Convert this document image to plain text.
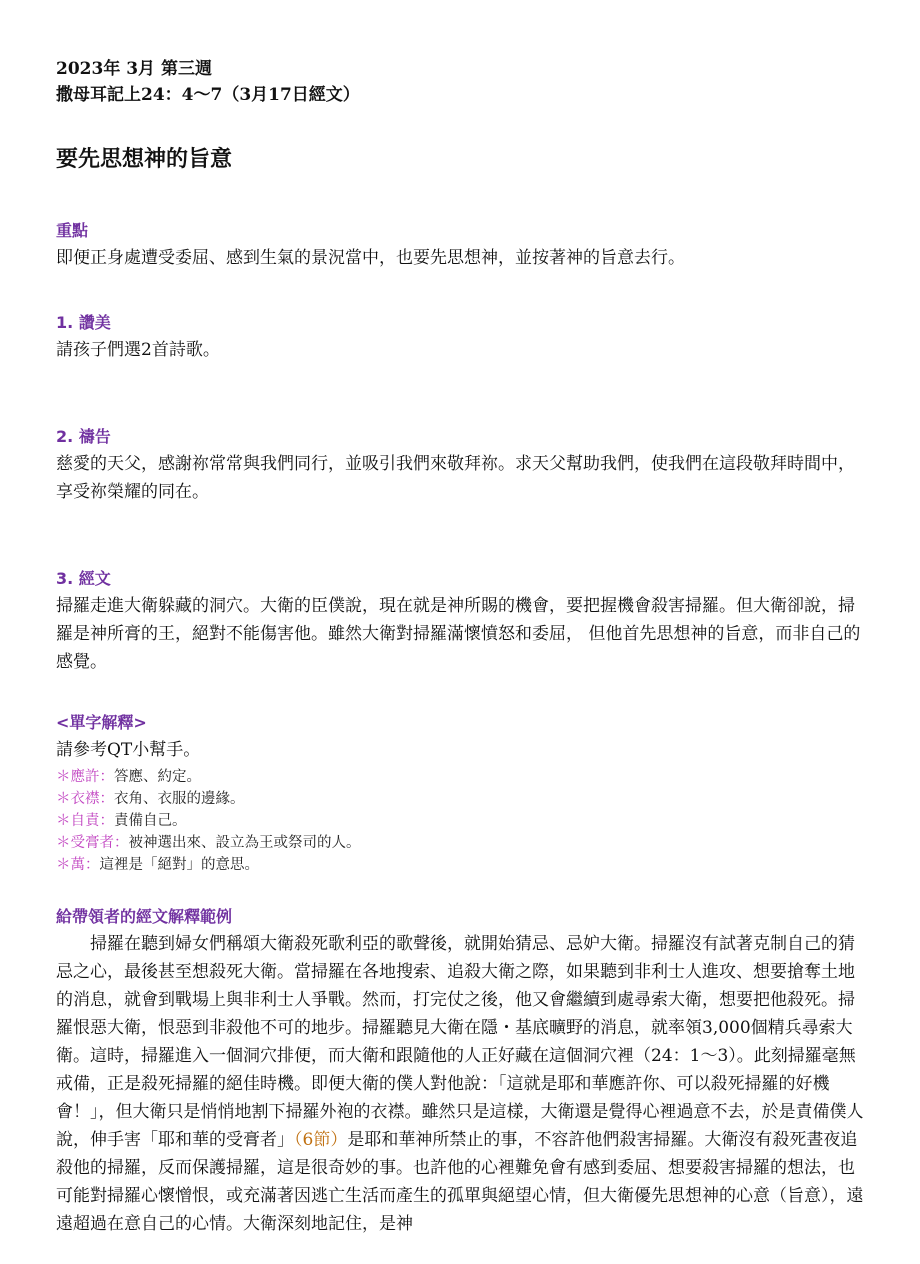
2023年 3月 第三週
撒母耳記上24：4～7（3月17日經文）
要先思想神的旨意
重點
即便正身處遭受委屈、感到生氣的景況當中，也要先思想神，並按著神的旨意去行。
1. 讚美
請孩子們選2首詩歌。
2. 禱告
慈愛的天父，感謝祢常常與我們同行，並吸引我們來敬拜祢。求天父幫助我們，使我們在這段敬拜時間中，享受祢榮耀的同在。
3. 經文
掃羅走進大衛躲藏的洞穴。大衛的臣僕說，現在就是神所賜的機會，要把握機會殺害掃羅。但大衛卻說，掃羅是神所膏的王，絕對不能傷害他。雖然大衛對掃羅滿懷憤怒和委屈， 但他首先思想神的旨意，而非自己的感覺。
<單字解釋>
請參考QT小幫手。
＊應許：答應、約定。
＊衣襟：衣角、衣服的邊緣。
＊自責：責備自己。
＊受膏者：被神選出來、設立為王或祭司的人。
＊萬：這裡是「絕對」的意思。
給帶領者的經文解釋範例
掃羅在聽到婦女們稱頌大衛殺死歌利亞的歌聲後，就開始猜忌、忌妒大衛。掃羅沒有試著克制自己的猜忌之心，最後甚至想殺死大衛。當掃羅在各地搜索、追殺大衛之際，如果聽到非利士人進攻、想要搶奪土地的消息，就會到戰場上與非利士人爭戰。然而，打完仗之後，他又會繼續到處尋索大衛，想要把他殺死。掃羅恨惡大衛，恨惡到非殺他不可的地步。掃羅聽見大衛在隱・基底曠野的消息，就率領3,000個精兵尋索大衛。這時，掃羅進入一個洞穴排便，而大衛和跟隨他的人正好藏在這個洞穴裡（24：1～3）。此刻掃羅毫無戒備，正是殺死掃羅的絕佳時機。即便大衛的僕人對他說：「這就是耶和華應許你、可以殺死掃羅的好機會！」，但大衛只是悄悄地割下掃羅外袍的衣襟。雖然只是這樣，大衛還是覺得心裡過意不去，於是責備僕人說，伸手害「耶和華的受膏者」（6節）是耶和華神所禁止的事，不容許他們殺害掃羅。大衛沒有殺死晝夜追殺他的掃羅，反而保護掃羅，這是很奇妙的事。也許他的心裡難免會有感到委屈、想要殺害掃羅的想法，也可能對掃羅心懷憎恨，或充滿著因逃亡生活而產生的孤單與絕望心情，但大衛優先思想神的心意（旨意），遠遠超過在意自己的心情。大衛深刻地記住，是神
